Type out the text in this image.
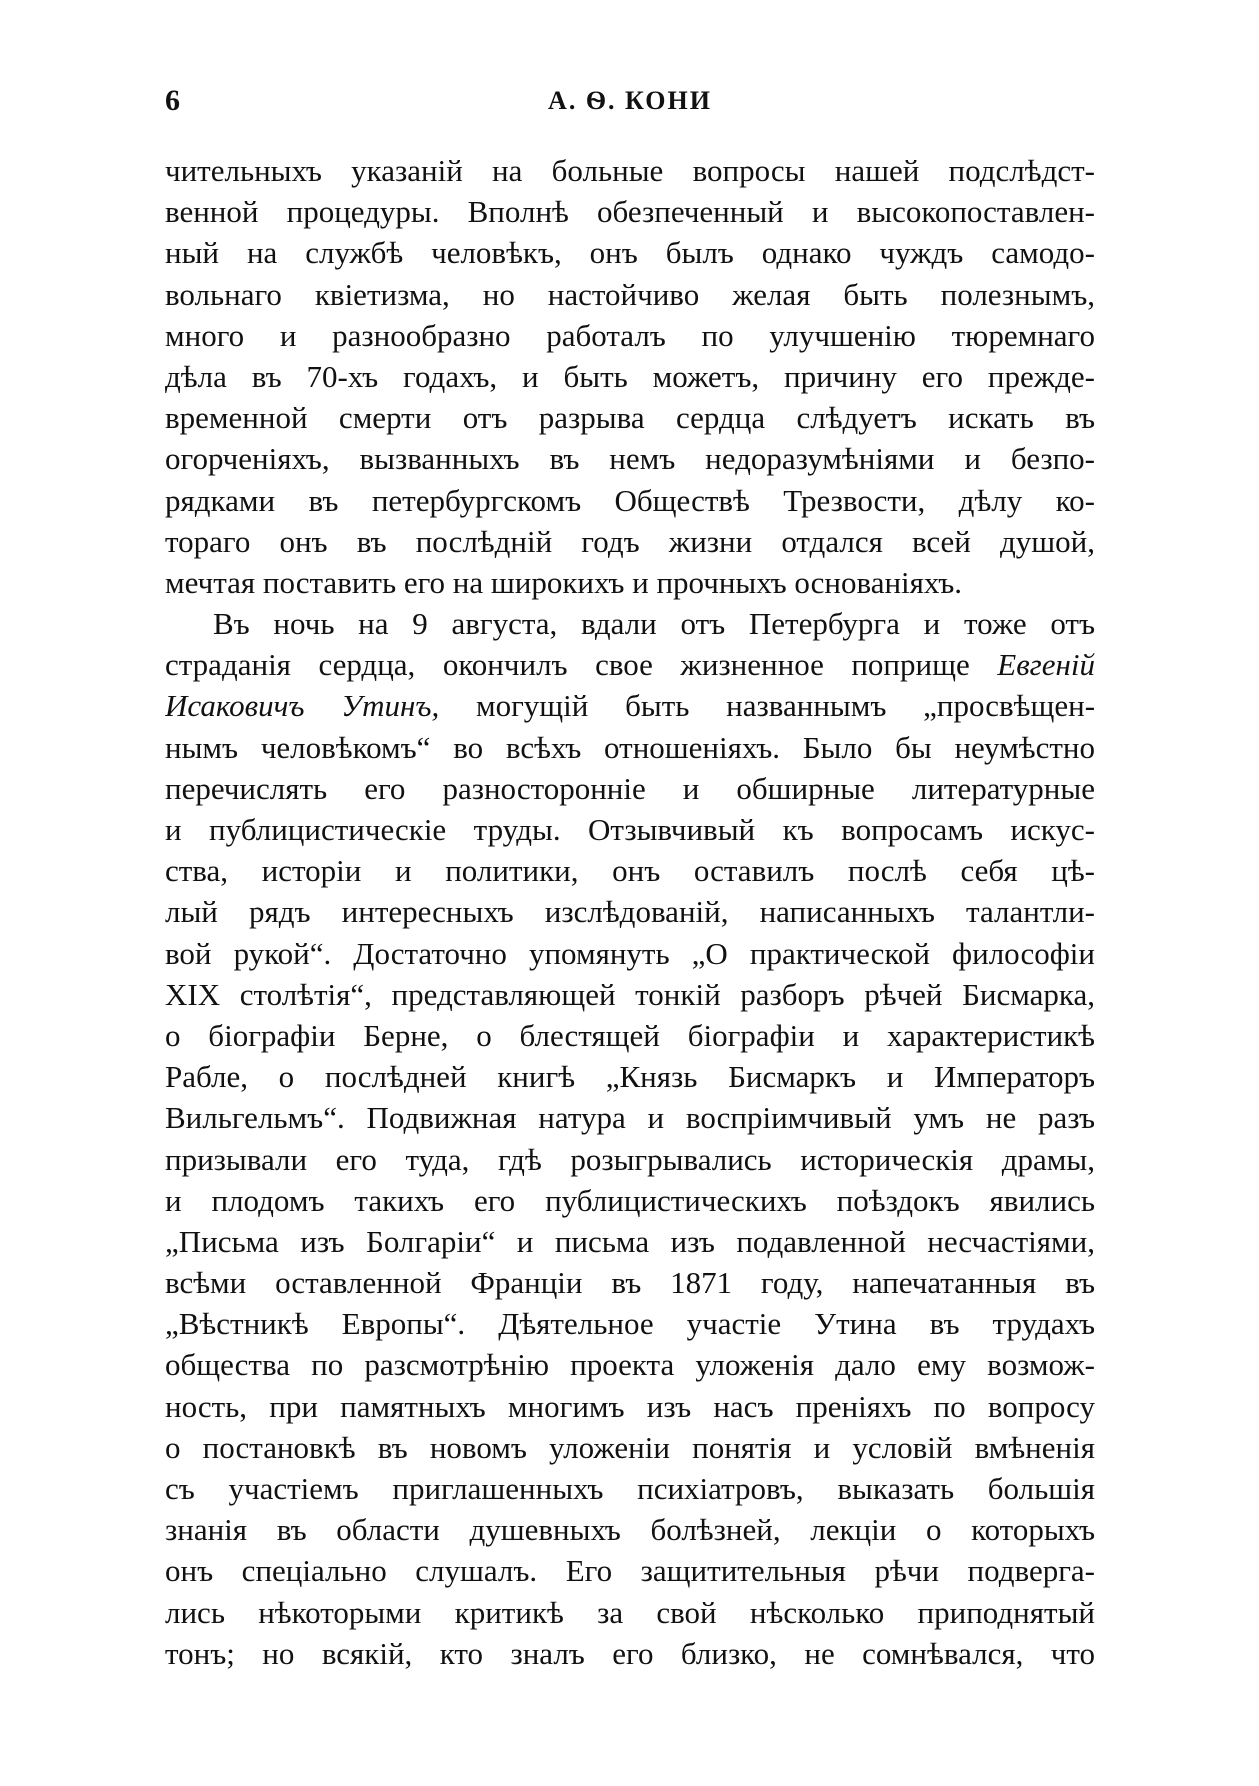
6	А. Ѳ. КОНИ
чительныхъ указаній на больные вопросы нашей подслѣдст-
венной процедуры. Вполнѣ обезпеченный и высокопоставлен-
ный на службѣ человѣкъ, онъ былъ однако чуждъ самодо-
вольнаго квіетизма, но настойчиво желая быть полезнымъ,
много и разнообразно работалъ по улучшенію тюремнаго
дѣла въ 70-хъ годахъ, и быть можетъ, причину его прежде-
временной смерти отъ разрыва сердца слѣдуетъ искать въ
огорченіяхъ, вызванныхъ въ немъ недоразумѣніями и безпо-
рядками въ петербургскомъ Обществѣ Трезвости, дѣлу ко-
тораго онъ въ послѣдній годъ жизни отдался всей душой,
мечтая поставить его на широкихъ и прочныхъ основаніяхъ.
Въ ночь на 9 августа, вдали отъ Петербурга и тоже отъ
страданія сердца, окончилъ свое жизненное поприще Евгеній
Исаковичъ Утинъ, могущій быть названнымъ „просвѣщен-
нымъ человѣкомъ“ во всѣхъ отношеніяхъ. Было бы неумѣстно
перечислять его разносторонніе и обширные литературные
и публицистическіе труды. Отзывчивый къ вопросамъ искус-
ства, исторіи и политики, онъ оставилъ послѣ себя цѣ-
лый рядъ интересныхъ изслѣдованій, написанныхъ талантли-
вой рукой“. Достаточно упомянуть „О практической философіи
XIX столѣтія“, представляющей тонкій разборъ рѣчей Бисмарка,
о біографіи Берне, о блестящей біографіи и характеристикѣ
Рабле, о послѣдней книгѣ „Князь Бисмаркъ и Императоръ
Вильгельмъ“. Подвижная натура и воспріимчивый умъ не разъ
призывали его туда, гдѣ розыгрывались историческія драмы,
и плодомъ такихъ его публицистическихъ поѣздокъ явились
„Письма изъ Болгаріи“ и письма изъ подавленной несчастіями,
всѣми оставленной Франціи въ 1871 году, напечатанныя въ
„Вѣстникѣ Европы“. Дѣятельное участіе Утина въ трудахъ
общества по разсмотрѣнію проекта уложенія дало ему возмож-
ность, при памятныхъ многимъ изъ насъ преніяхъ по вопросу
о постановкѣ въ новомъ уложеніи понятія и условій вмѣненія
съ участіемъ приглашенныхъ психіатровъ, выказать большія
знанія въ области душевныхъ болѣзней, лекціи о которыхъ
онъ спеціально слушалъ. Его защитительныя рѣчи подверга-
лись нѣкоторыми критикѣ за свой нѣсколько приподнятый
тонъ; но всякій, кто зналъ его близко, не сомнѣвался, что
